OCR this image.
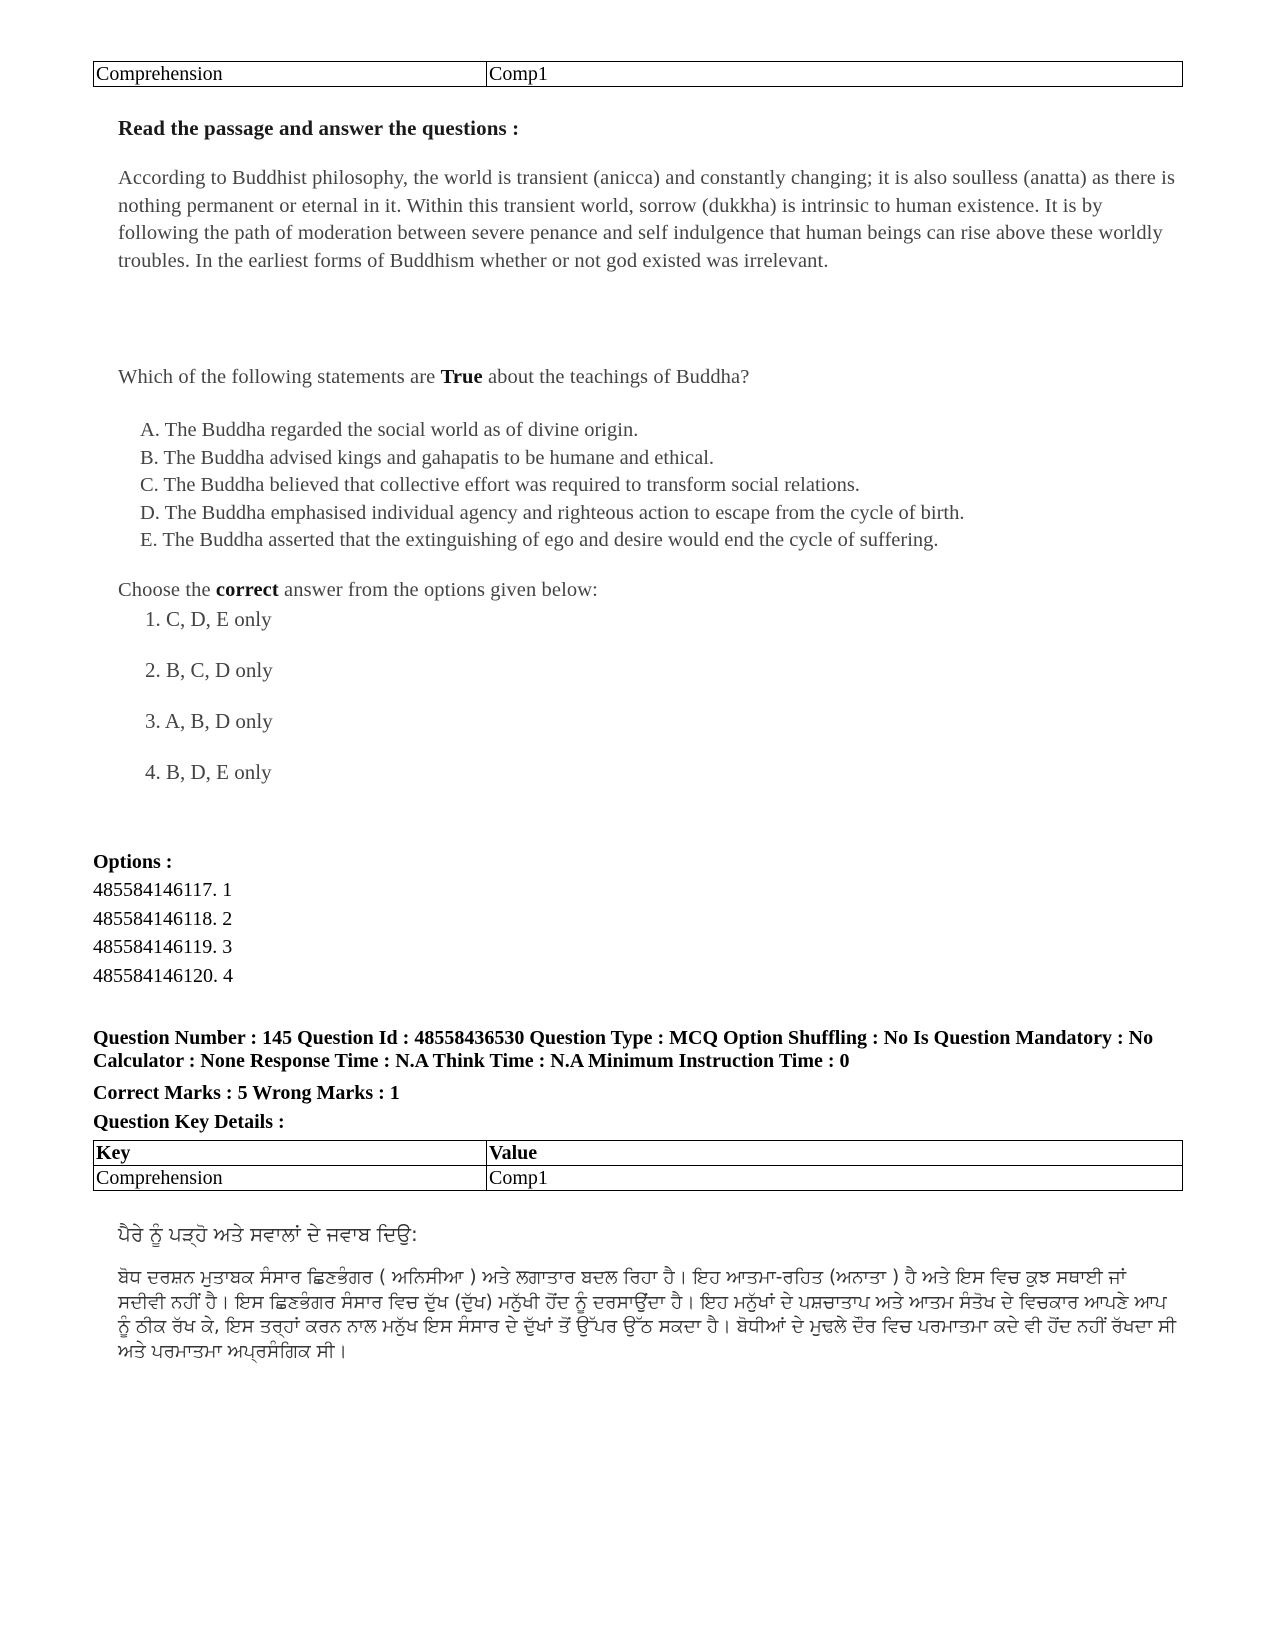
Comprehension	Comp1
Read the passage and answer the questions :
According to Buddhist philosophy, the world is transient (anicca) and constantly changing; it is also soulless (anatta) as there is nothing permanent or eternal in it. Within this transient world, sorrow (dukkha) is intrinsic to human existence. It is by following the path of moderation between severe penance and self indulgence that human beings can rise above these worldly troubles. In the earliest forms of Buddhism whether or not god existed was irrelevant.
Which of the following statements are True about the teachings of Buddha?
A. The Buddha regarded the social world as of divine origin.
B. The Buddha advised kings and gahapatis to be humane and ethical.
C. The Buddha believed that collective effort was required to transform social relations.
D. The Buddha emphasised individual agency and righteous action to escape from the cycle of birth.
E. The Buddha asserted that the extinguishing of ego and desire would end the cycle of suffering.
Choose the correct answer from the options given below:
1. C, D, E only
2. B, C, D only
3. A, B, D only
4. B, D, E only
Options :
485584146117. 1
485584146118. 2
485584146119. 3
485584146120. 4
Question Number : 145 Question Id : 48558436530 Question Type : MCQ Option Shuffling : No Is Question Mandatory : No Calculator : None Response Time : N.A Think Time : N.A Minimum Instruction Time : 0
Correct Marks : 5 Wrong Marks : 1
Question Key Details :
Key	Value
Comprehension	Comp1
ਪੈਰੇ ਨੂੰ ਪੜ੍ਹੋ ਅਤੇ ਸਵਾਲਾਂ ਦੇ ਜਵਾਬ ਦਿਉ:
ਬੋਧ ਦਰਸ਼ਨ ਮੁਤਾਬਕ ਸੰਸਾਰ ਛਿਣਭੰਗਰ ( ਅਨਿਸੀਆ ) ਅਤੇ ਲਗਾਤਾਰ ਬਦਲ ਰਿਹਾ ਹੈ। ਇਹ ਆਤਮਾ-ਰਹਿਤ (ਅਨਾਤਾ ) ਹੈ ਅਤੇ ਇਸ ਵਿਚ ਕੁਝ ਸਥਾਈ ਜਾਂ ਸਦੀਵੀ ਨਹੀਂ ਹੈ। ਇਸ ਛਿਣਭੰਗਰ ਸੰਸਾਰ ਵਿਚ ਦੁੱਖ (ਦੁੱਖ) ਮਨੁੱਖੀ ਹੋਂਦ ਨੂੰ ਦਰਸਾਉਂਦਾ ਹੈ। ਇਹ ਮਨੁੱਖਾਂ ਦੇ ਪਸ਼ਚਾਤਾਪ ਅਤੇ ਆਤਮ ਸੰਤੋਖ ਦੇ ਵਿਚਕਾਰ ਆਪਣੇ ਆਪ ਨੂੰ ਠੀਕ ਰੱਖ ਕੇ, ਇਸ ਤਰ੍ਹਾਂ ਕਰਨ ਨਾਲ ਮਨੁੱਖ ਇਸ ਸੰਸਾਰ ਦੇ ਦੁੱਖਾਂ ਤੋਂ ਉੱਪਰ ਉੱਠ ਸਕਦਾ ਹੈ। ਬੋਧੀਆਂ ਦੇ ਮੁਢਲੇ ਦੌਰ ਵਿਚ ਪਰਮਾਤਮਾ ਕਦੇ ਵੀ ਹੋਂਦ ਨਹੀਂ ਰੱਖਦਾ ਸੀ ਅਤੇ ਪਰਮਾਤਮਾ ਅਪ੍ਰਸੰਗਿਕ ਸੀ।
